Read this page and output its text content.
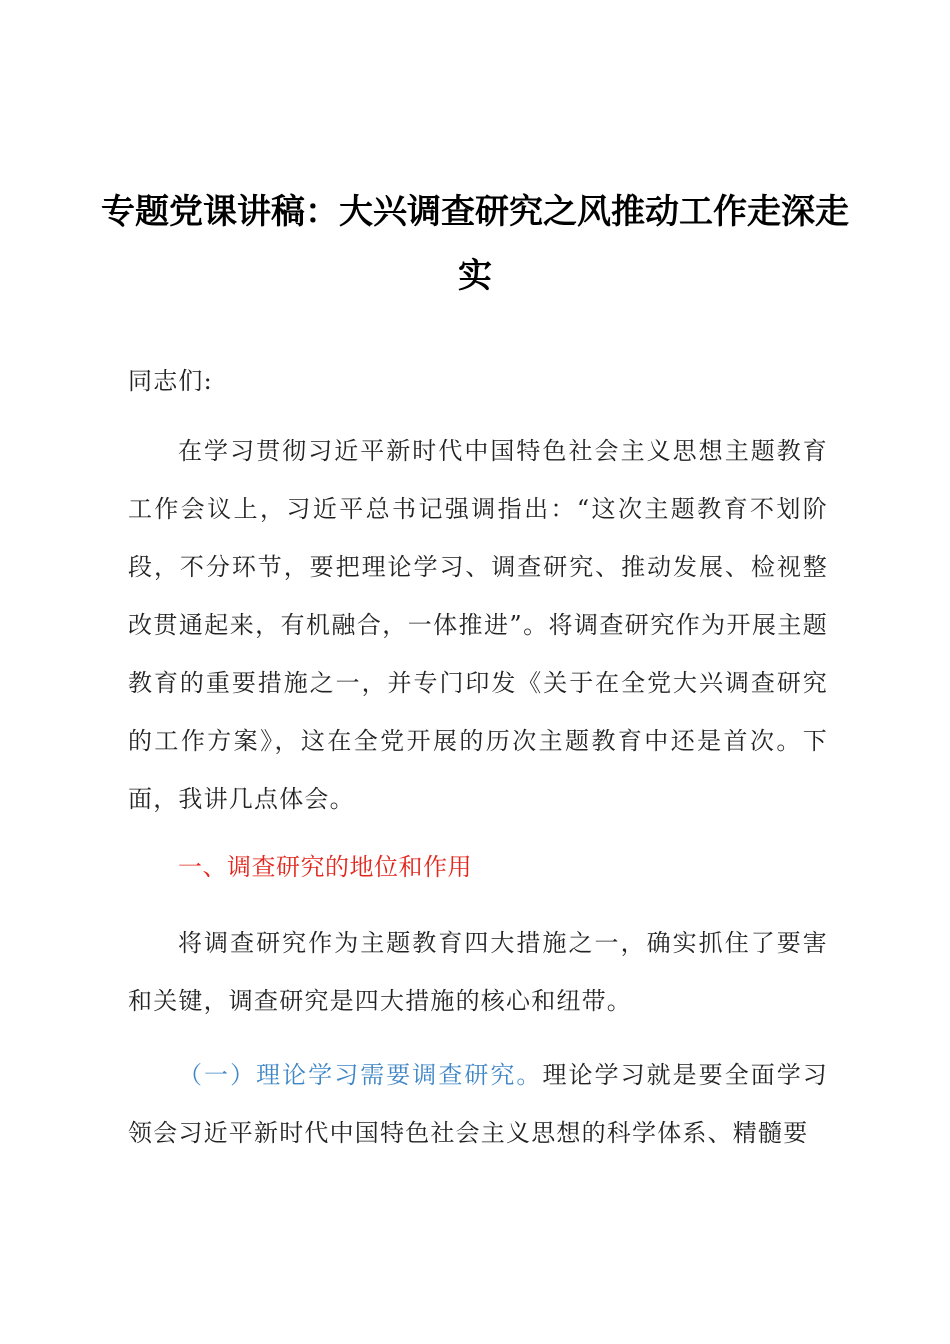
专题党课讲稿：大兴调查研究之风推动工作走深走实
同志们:
在学习贯彻习近平新时代中国特色社会主义思想主题教育工作会议上，习近平总书记强调指出：“这次主题教育不划阶段，不分环节，要把理论学习、调查研究、推动发展、检视整改贯通起来，有机融合，一体推进”。将调查研究作为开展主题教育的重要措施之一，并专门印发《关于在全党大兴调查研究的工作方案》，这在全党开展的历次主题教育中还是首次。下面，我讲几点体会。
一、调查研究的地位和作用
将调查研究作为主题教育四大措施之一，确实抓住了要害和关键，调查研究是四大措施的核心和纽带。
（一）理论学习需要调查研究。理论学习就是要全面学习领会习近平新时代中国特色社会主义思想的科学体系、精髓要
